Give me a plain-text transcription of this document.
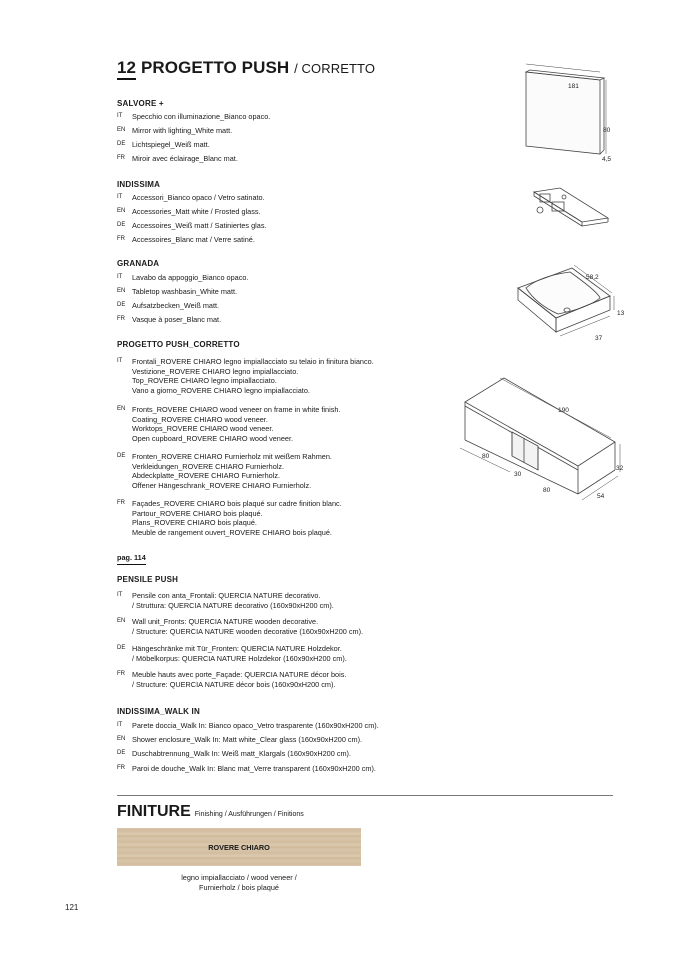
12 PROGETTO PUSH / CORRETTO
SALVORE +
IT Specchio con illuminazione_Bianco opaco.
EN Mirror with lighting_White matt.
DE Lichtspiegel_Weiß matt.
FR Miroir avec éclairage_Blanc mat.
INDISSIMA
IT Accessori_Bianco opaco / Vetro satinato.
EN Accessories_Matt white / Frosted glass.
DE Accessoires_Weiß matt / Satiniertes glas.
FR Accessoires_Blanc mat / Verre satiné.
GRANADA
IT Lavabo da appoggio_Bianco opaco.
EN Tabletop washbasin_White matt.
DE Aufsatzbecken_Weiß matt.
FR Vasque à poser_Blanc mat.
PROGETTO PUSH_CORRETTO
IT Frontali_ROVERE CHIARO legno impiallacciato su telaio in finitura bianco.
Vestizione_ROVERE CHIARO legno impiallacciato.
Top_ROVERE CHIARO legno impiallacciato.
Vano a giorno_ROVERE CHIARO legno impiallacciato.
EN Fronts_ROVERE CHIARO wood veneer on frame in white finish.
Coating_ROVERE CHIARO wood veneer.
Worktops_ROVERE CHIARO wood veneer.
Open cupboard_ROVERE CHIARO wood veneer.
DE Fronten_ROVERE CHIARO Furnierholz mit weißem Rahmen.
Verkleidungen_ROVERE CHIARO Furnierholz.
Abdeckplatte_ROVERE CHIARO Furnierholz.
Offener Hängeschrank_ROVERE CHIARO Furnierholz.
FR Façades_ROVERE CHIARO bois plaqué sur cadre finition blanc.
Partour_ROVERE CHIARO bois plaqué.
Plans_ROVERE CHIARO bois plaqué.
Meuble de rangement ouvert_ROVERE CHIARO bois plaqué.
pag. 114
PENSILE PUSH
IT Pensile con anta_Frontali: QUERCIA NATURE decorativo.
/ Struttura: QUERCIA NATURE decorativo (160x90xH200 cm).
EN Wall unit_Fronts: QUERCIA NATURE wooden decorative.
/ Structure: QUERCIA NATURE wooden decorative (160x90xH200 cm).
DE Hängeschränke mit Tür_Fronten: QUERCIA NATURE Holzdekor.
/ Möbelkorpus: QUERCIA NATURE Holzdekor (160x90xH200 cm).
FR Meuble hauts avec porte_Façade: QUERCIA NATURE décor bois.
/ Structure: QUERCIA NATURE décor bois (160x90xH200 cm).
INDISSIMA_WALK IN
IT Parete doccia_Walk In: Bianco opaco_Vetro trasparente (160x90xH200 cm).
EN Shower enclosure_Walk In: Matt white_Clear glass (160x90xH200 cm).
DE Duschabtrennung_Walk In: Weiß matt_Klargals (160x90xH200 cm).
FR Paroi de douche_Walk In: Blanc mat_Verre transparent (160x90xH200 cm).
181
80
4,5
58,2
13
37
190
32
54
80
30
80
FINITURE Finishing / Ausführungen / Finitions
ROVERE CHIARO
legno impiallacciato / wood veneer /
Furnierholz / bois plaqué
121
